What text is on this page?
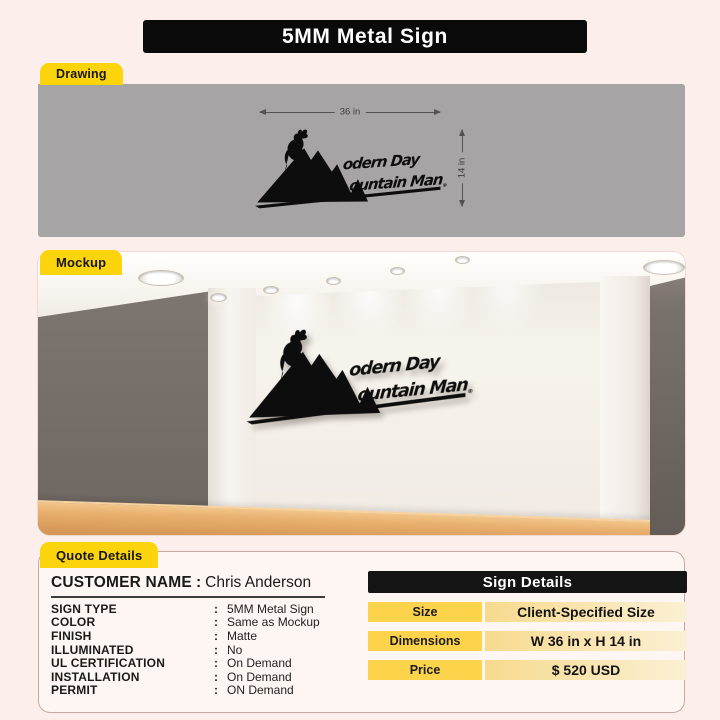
5MM Metal Sign
Drawing
36 in
14 in
Mockup
Quote Details
CUSTOMER NAME : Chris Anderson
SIGN TYPE	: 5MM Metal Sign
COLOR	: Same as Mockup
FINISH	: Matte
ILLUMINATED	: No
UL CERTIFICATION	: On Demand
INSTALLATION	: On Demand
PERMIT	: ON Demand
Sign Details
Size	Client-Specified Size
Dimensions	W 36 in x H 14 in
Price	$ 520 USD
